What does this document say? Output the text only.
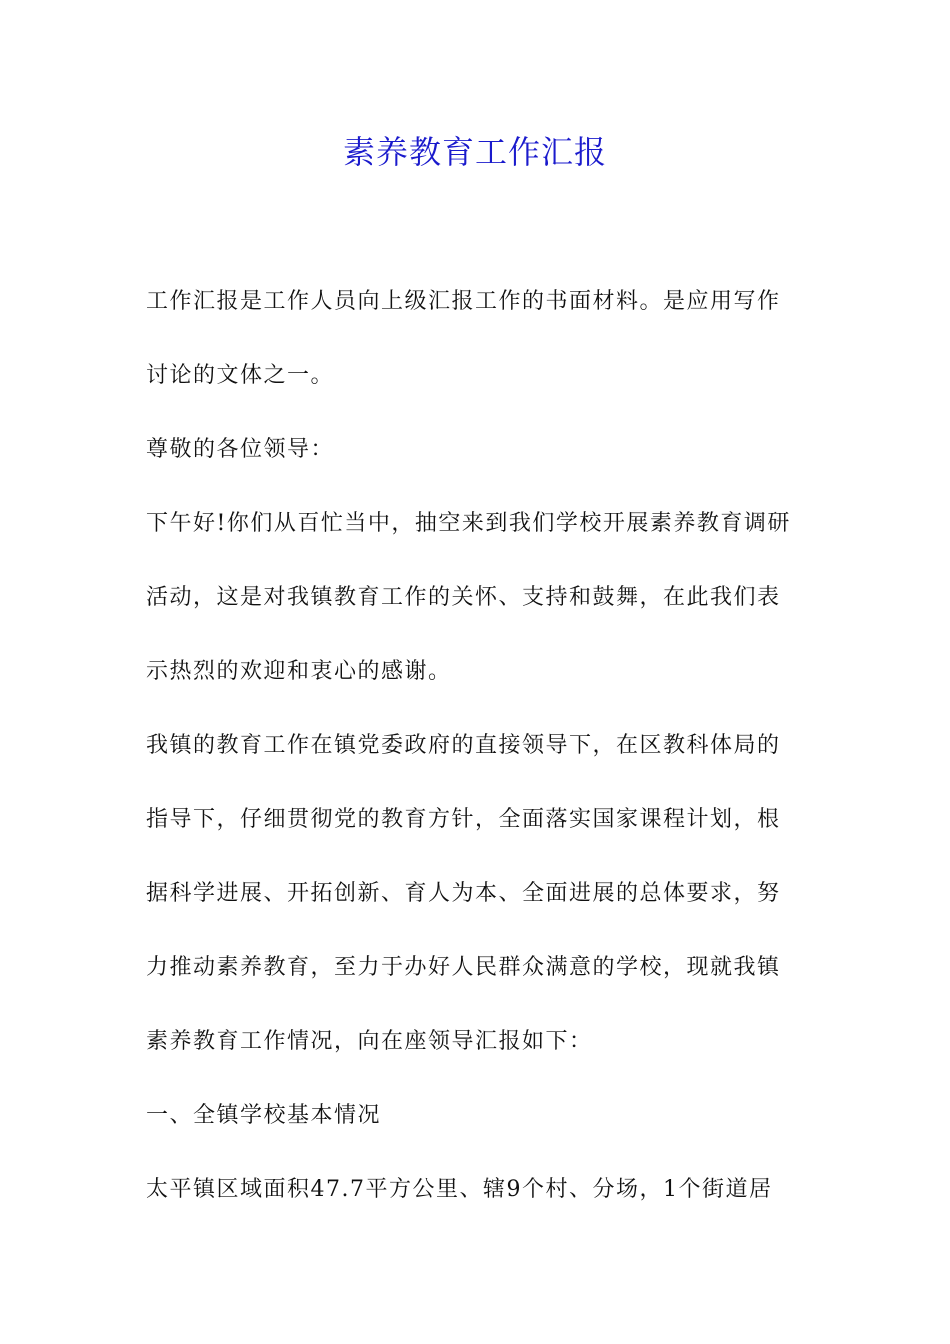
素养教育工作汇报
工作汇报是工作人员向上级汇报工作的书面材料。是应用写作
讨论的文体之一。
尊敬的各位领导：
下午好!你们从百忙当中，抽空来到我们学校开展素养教育调研
活动，这是对我镇教育工作的关怀、支持和鼓舞，在此我们表
示热烈的欢迎和衷心的感谢。
我镇的教育工作在镇党委政府的直接领导下，在区教科体局的
指导下，仔细贯彻党的教育方针，全面落实国家课程计划，根
据科学进展、开拓创新、育人为本、全面进展的总体要求，努
力推动素养教育，至力于办好人民群众满意的学校，现就我镇
素养教育工作情况，向在座领导汇报如下：
一、全镇学校基本情况
太平镇区域面积47.7平方公里、辖9个村、分场，1个街道居
